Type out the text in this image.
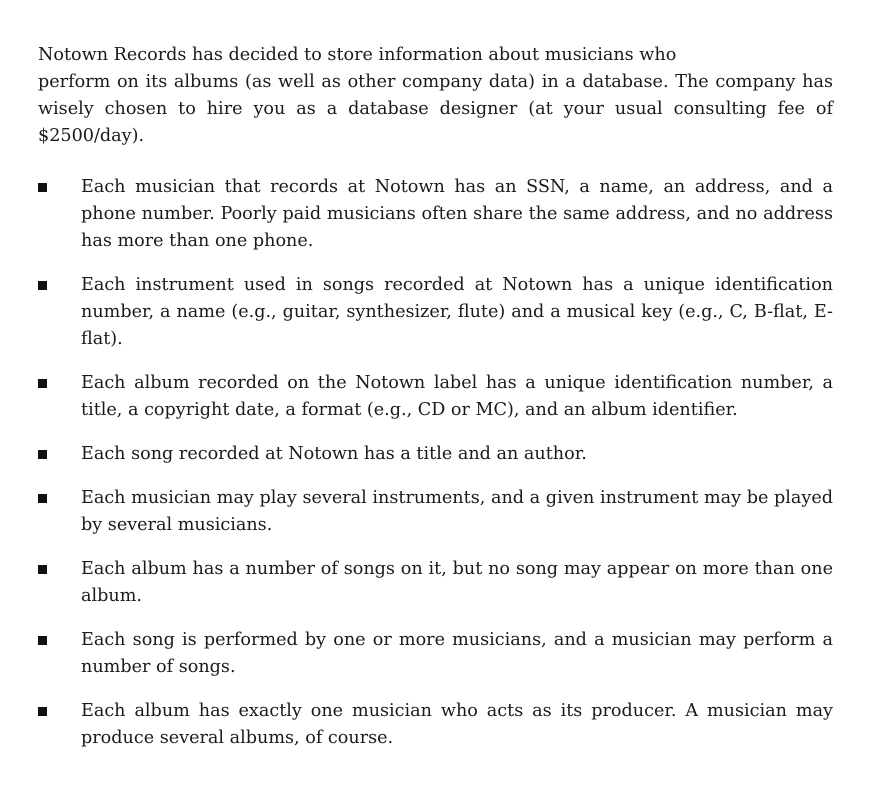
Notown Records has decided to store information about musicians who
perform on its albums (as well as other company data) in a database. The company has wisely chosen to hire you as a database designer (at your usual consulting fee of $2500/day).

Each musician that records at Notown has an SSN, a name, an address, and a phone number. Poorly paid musicians often share the same address, and no address has more than one phone.
Each instrument used in songs recorded at Notown has a unique identification number, a name (e.g., guitar, synthesizer, flute) and a musical key (e.g., C, B-flat, E-flat).
Each album recorded on the Notown label has a unique identification number, a title, a copyright date, a format (e.g., CD or MC), and an album identifier.
Each song recorded at Notown has a title and an author.
Each musician may play several instruments, and a given instrument may be played by several musicians.
Each album has a number of songs on it, but no song may appear on more than one album.
Each song is performed by one or more musicians, and a musician may perform a number of songs.
Each album has exactly one musician who acts as its producer. A musician may produce several albums, of course.
